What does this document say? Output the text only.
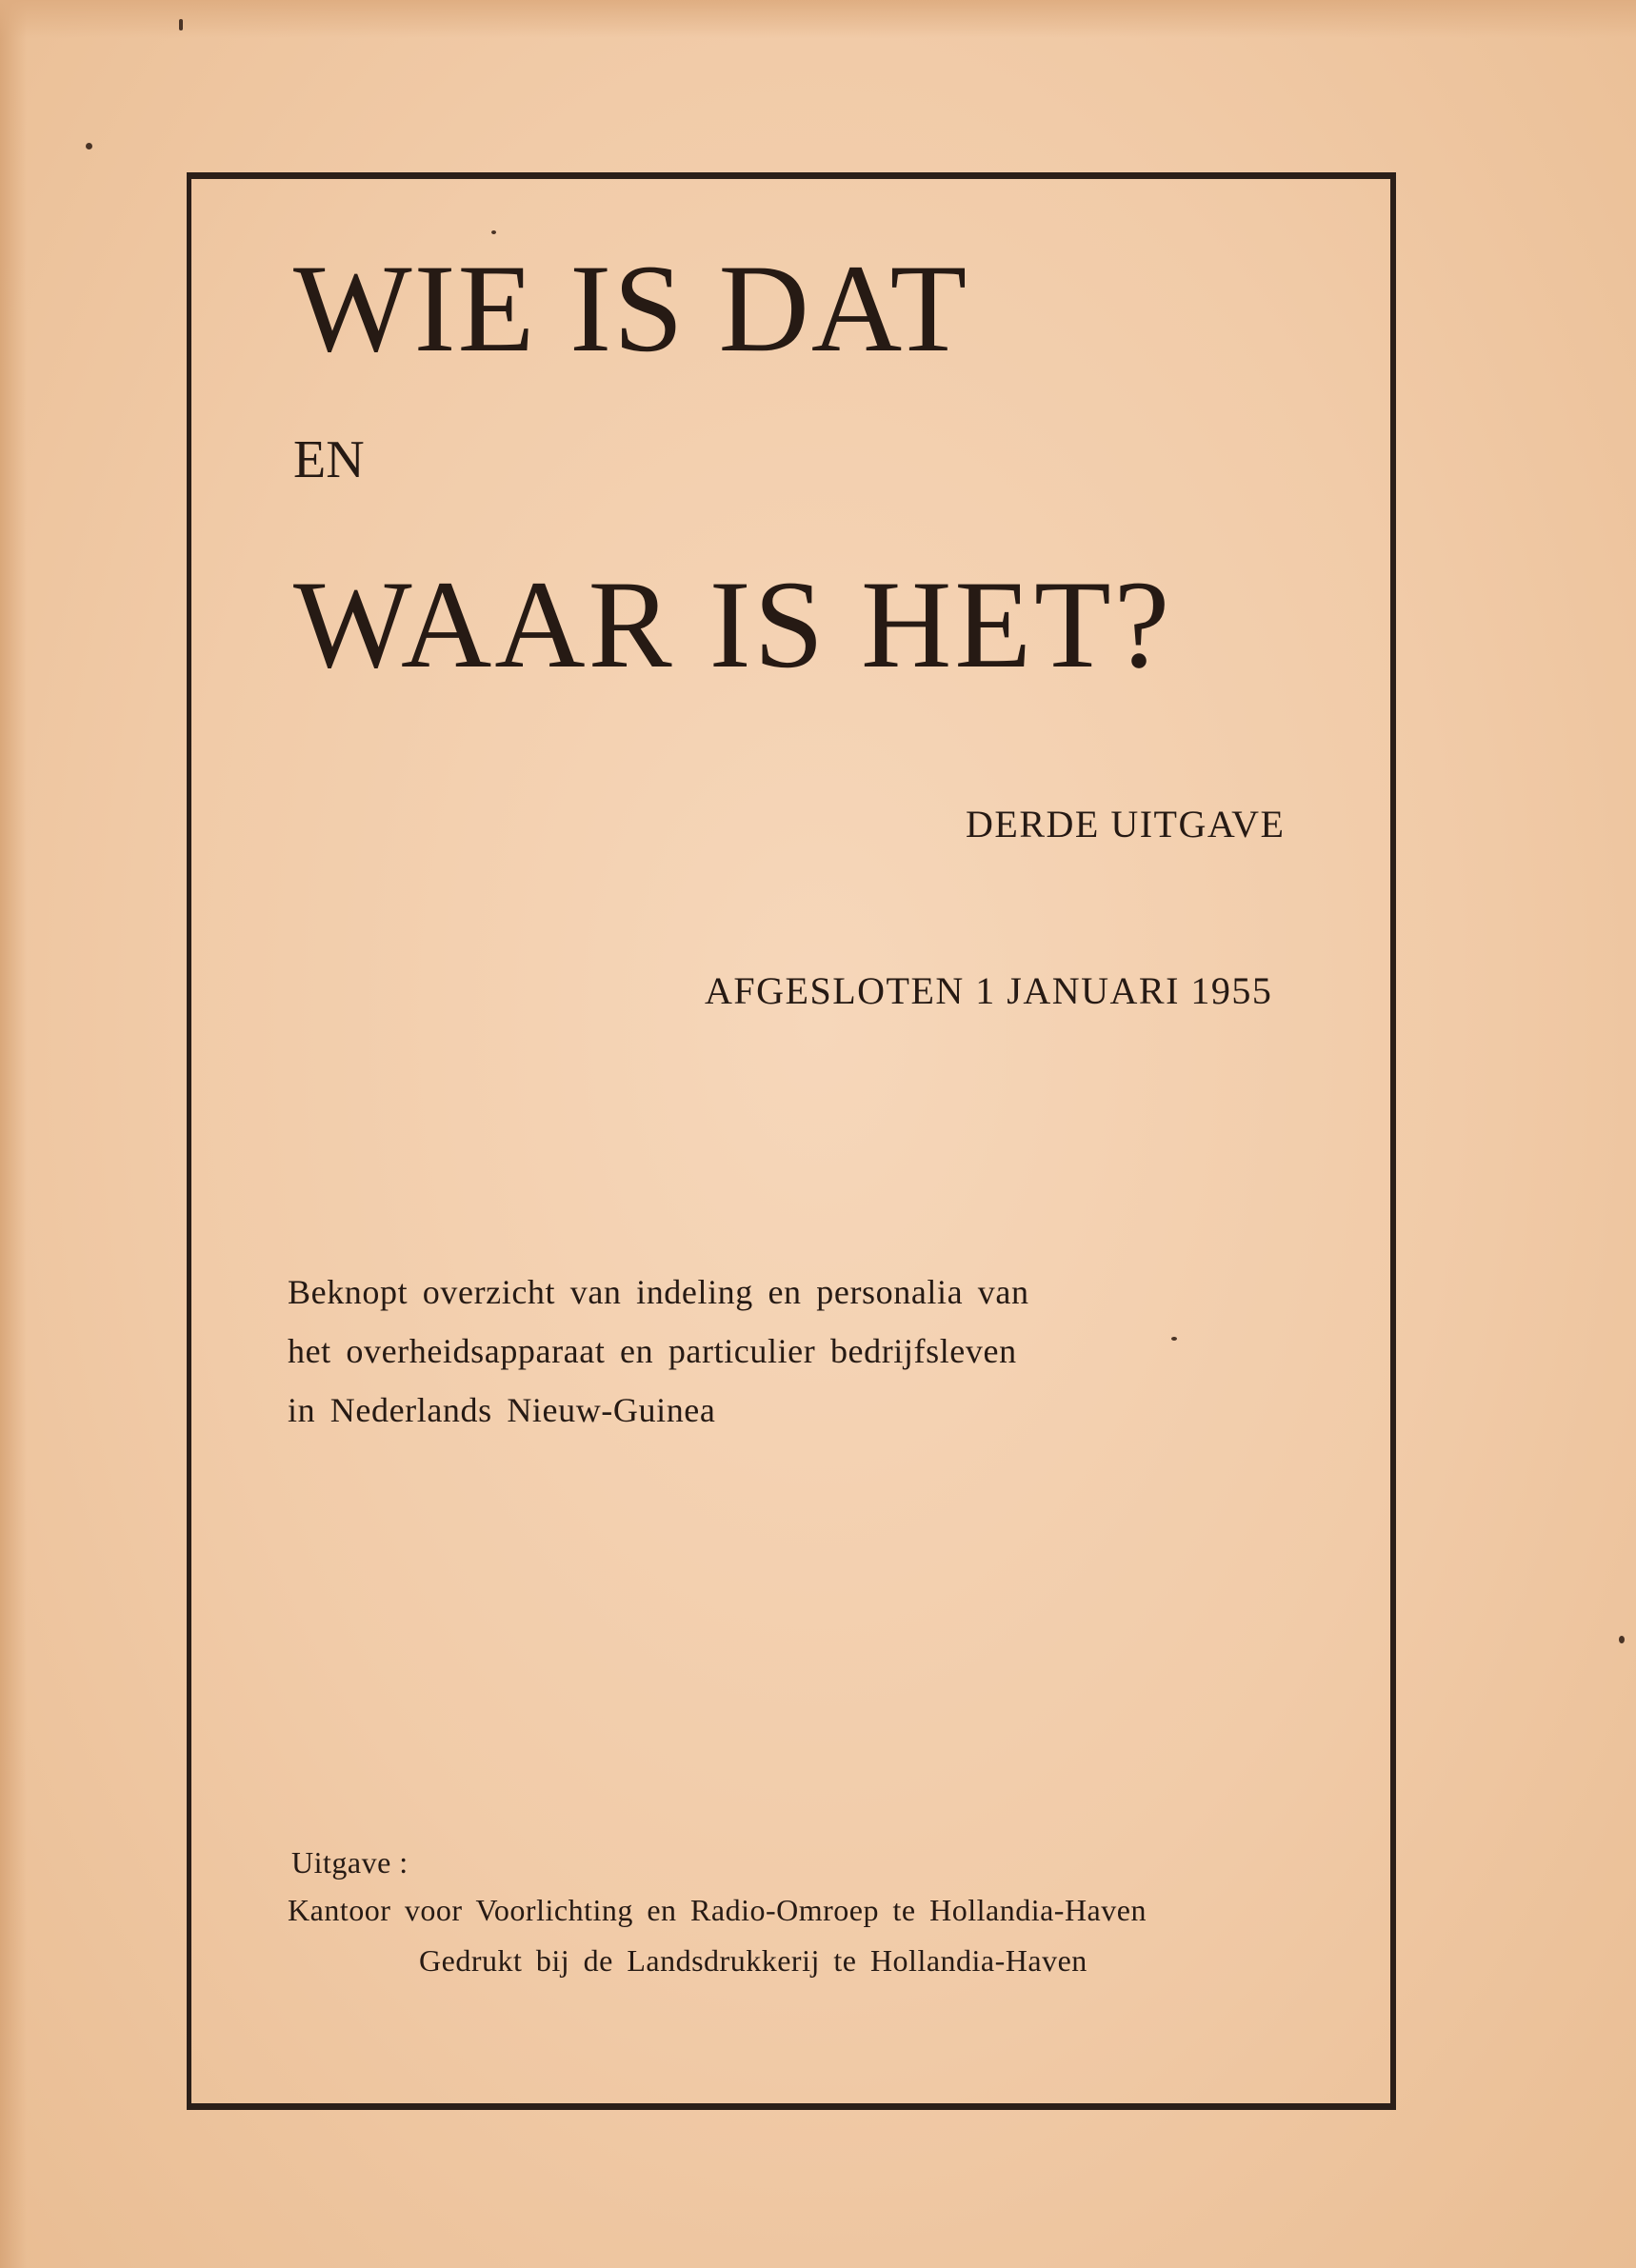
WIE IS DAT
EN
WAAR IS HET?
DERDE UITGAVE
AFGESLOTEN 1 JANUARI 1955
Beknopt overzicht van indeling en personalia van
het overheidsapparaat en particulier bedrijfsleven
in Nederlands Nieuw-Guinea
Uitgave :
Kantoor voor Voorlichting en Radio-Omroep te Hollandia-Haven
Gedrukt bij de Landsdrukkerij te Hollandia-Haven
